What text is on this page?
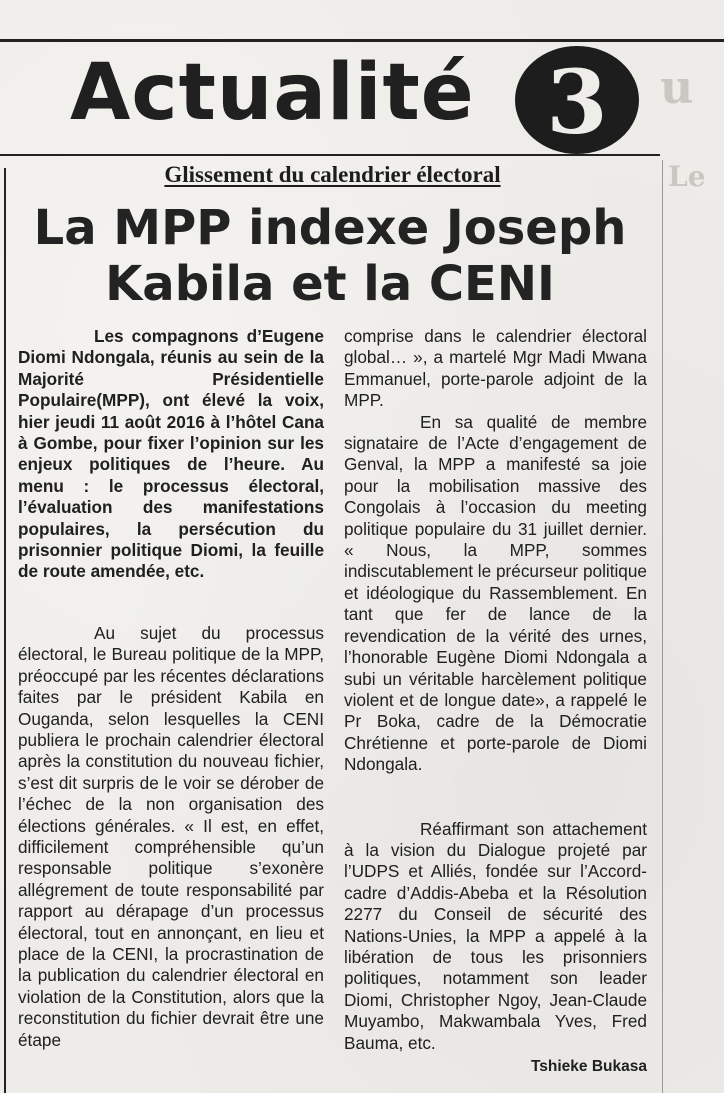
u
Le
Actualité 3
Glissement du calendrier électoral
La MPP indexe Joseph Kabila et la CENI

Les compagnons d’Eugene Diomi Ndongala, réunis au sein de la Majorité Présidentielle Populaire(MPP), ont élevé la voix, hier jeudi 11 août 2016 à l’hôtel Cana à Gombe, pour fixer l’opinion sur les enjeux politiques de l’heure. Au menu : le processus électoral, l’évaluation des manifestations populaires, la persécution du prisonnier politique Diomi, la feuille de route amendée, etc.

Au sujet du processus électoral, le Bureau politique de la MPP, préoccupé par les récentes déclarations faites par le président Kabila en Ouganda, selon lesquelles la CENI publiera le prochain calendrier électoral après la constitution du nouveau fichier, s’est dit surpris de le voir se dérober de l’échec de la non organisation des élections générales. « Il est, en effet, difficilement compréhensible qu’un responsable politique s’exonère allégrement de toute responsabilité par rapport au dérapage d’un processus électoral, tout en annonçant, en lieu et place de la CENI, la procrastination de la publication du calendrier électoral en violation de la Constitution, alors que la reconstitution du fichier devrait être une étape

comprise dans le calendrier électoral global… », a martelé Mgr Madi Mwana Emmanuel, porte-parole adjoint de la MPP.

En sa qualité de membre signataire de l’Acte d’engagement de Genval, la MPP a manifesté sa joie pour la mobilisation massive des Congolais à l’occasion du meeting politique populaire du 31 juillet dernier. « Nous, la MPP, sommes indiscutablement le précurseur politique et idéologique du Rassemblement. En tant que fer de lance de la revendication de la vérité des urnes, l’honorable Eugène Diomi Ndongala a subi un véritable harcèlement politique violent et de longue date», a rappelé le Pr Boka, cadre de la Démocratie Chrétienne et porte-parole de Diomi Ndongala.

Réaffirmant son attachement à la vision du Dialogue projeté par l’UDPS et Alliés, fondée sur l’Accord-cadre d’Addis-Abeba et la Résolution 2277 du Conseil de sécurité des Nations-Unies, la MPP a appelé à la libération de tous les prisonniers politiques, notamment son leader Diomi, Christopher Ngoy, Jean-Claude Muyambo, Makwambala Yves, Fred Bauma, etc.

Tshieke Bukasa
